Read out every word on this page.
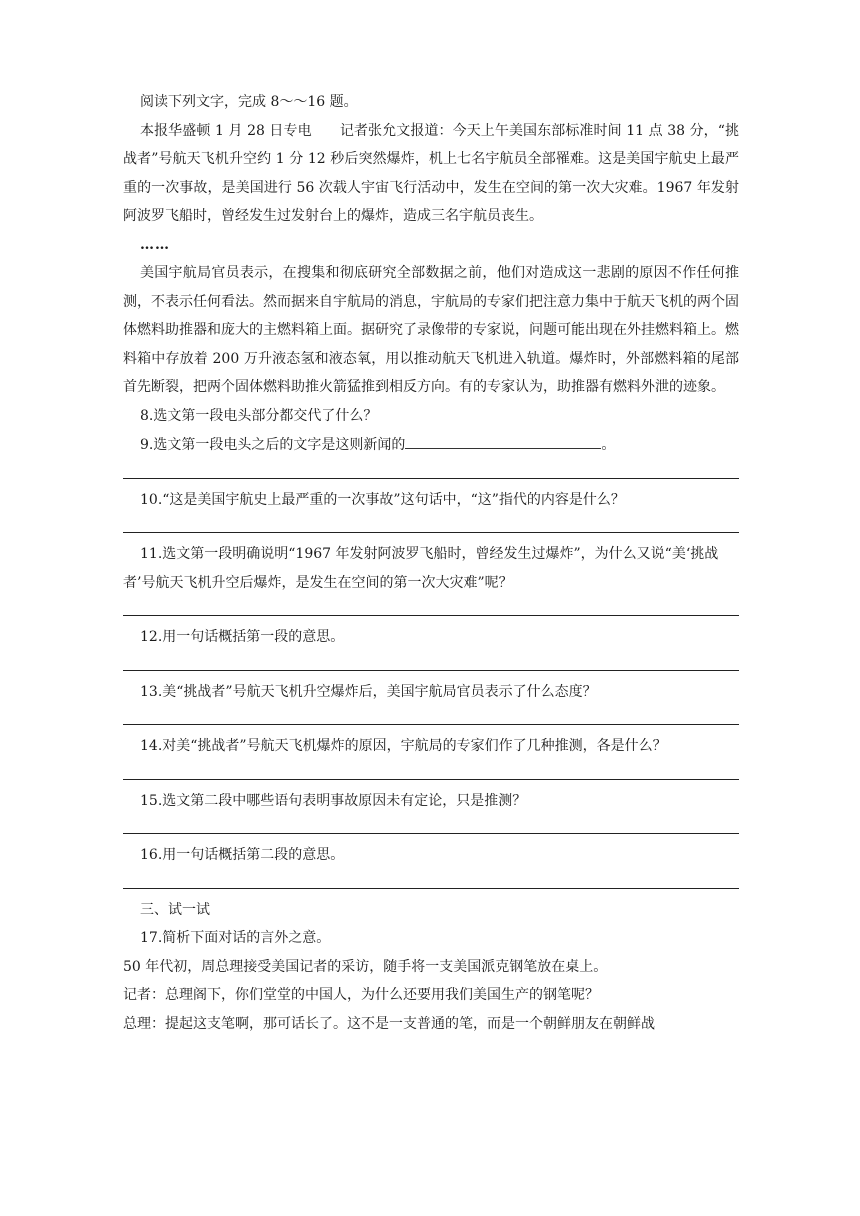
阅读下列文字，完成 8～～16 题。

本报华盛顿 1 月 28 日专电　　记者张允文报道：今天上午美国东部标准时间 11 点 38 分，“挑战者”号航天飞机升空约 1 分 12 秒后突然爆炸，机上七名宇航员全部罹难。这是美国宇航史上最严重的一次事故，是美国进行 56 次载人宇宙飞行活动中，发生在空间的第一次大灾难。1967 年发射阿波罗飞船时，曾经发生过发射台上的爆炸，造成三名宇航员丧生。

……

美国宇航局官员表示，在搜集和彻底研究全部数据之前，他们对造成这一悲剧的原因不作任何推测，不表示任何看法。然而据来自宇航局的消息，宇航局的专家们把注意力集中于航天飞机的两个固体燃料助推器和庞大的主燃料箱上面。据研究了录像带的专家说，问题可能出现在外挂燃料箱上。燃料箱中存放着 200 万升液态氢和液态氧，用以推动航天飞机进入轨道。爆炸时，外部燃料箱的尾部首先断裂，把两个固体燃料助推火箭猛推到相反方向。有的专家认为，助推器有燃料外泄的迹象。

8.选文第一段电头部分都交代了什么？

9.选文第一段电头之后的文字是这则新闻的	。

10.“这是美国宇航史上最严重的一次事故”这句话中，“这”指代的内容是什么？

11.选文第一段明确说明“1967 年发射阿波罗飞船时，曾经发生过爆炸”，为什么又说“美‘挑战者’号航天飞机升空后爆炸，是发生在空间的第一次大灾难”呢？

12.用一句话概括第一段的意思。

13.美“挑战者”号航天飞机升空爆炸后，美国宇航局官员表示了什么态度？

14.对美“挑战者”号航天飞机爆炸的原因，宇航局的专家们作了几种推测，各是什么？

15.选文第二段中哪些语句表明事故原因未有定论，只是推测？

16.用一句话概括第二段的意思。

三、试一试

17.简析下面对话的言外之意。

50 年代初，周总理接受美国记者的采访，随手将一支美国派克钢笔放在桌上。

记者：总理阁下，你们堂堂的中国人，为什么还要用我们美国生产的钢笔呢？

总理：提起这支笔啊，那可话长了。这不是一支普通的笔，而是一个朝鲜朋友在朝鲜战
